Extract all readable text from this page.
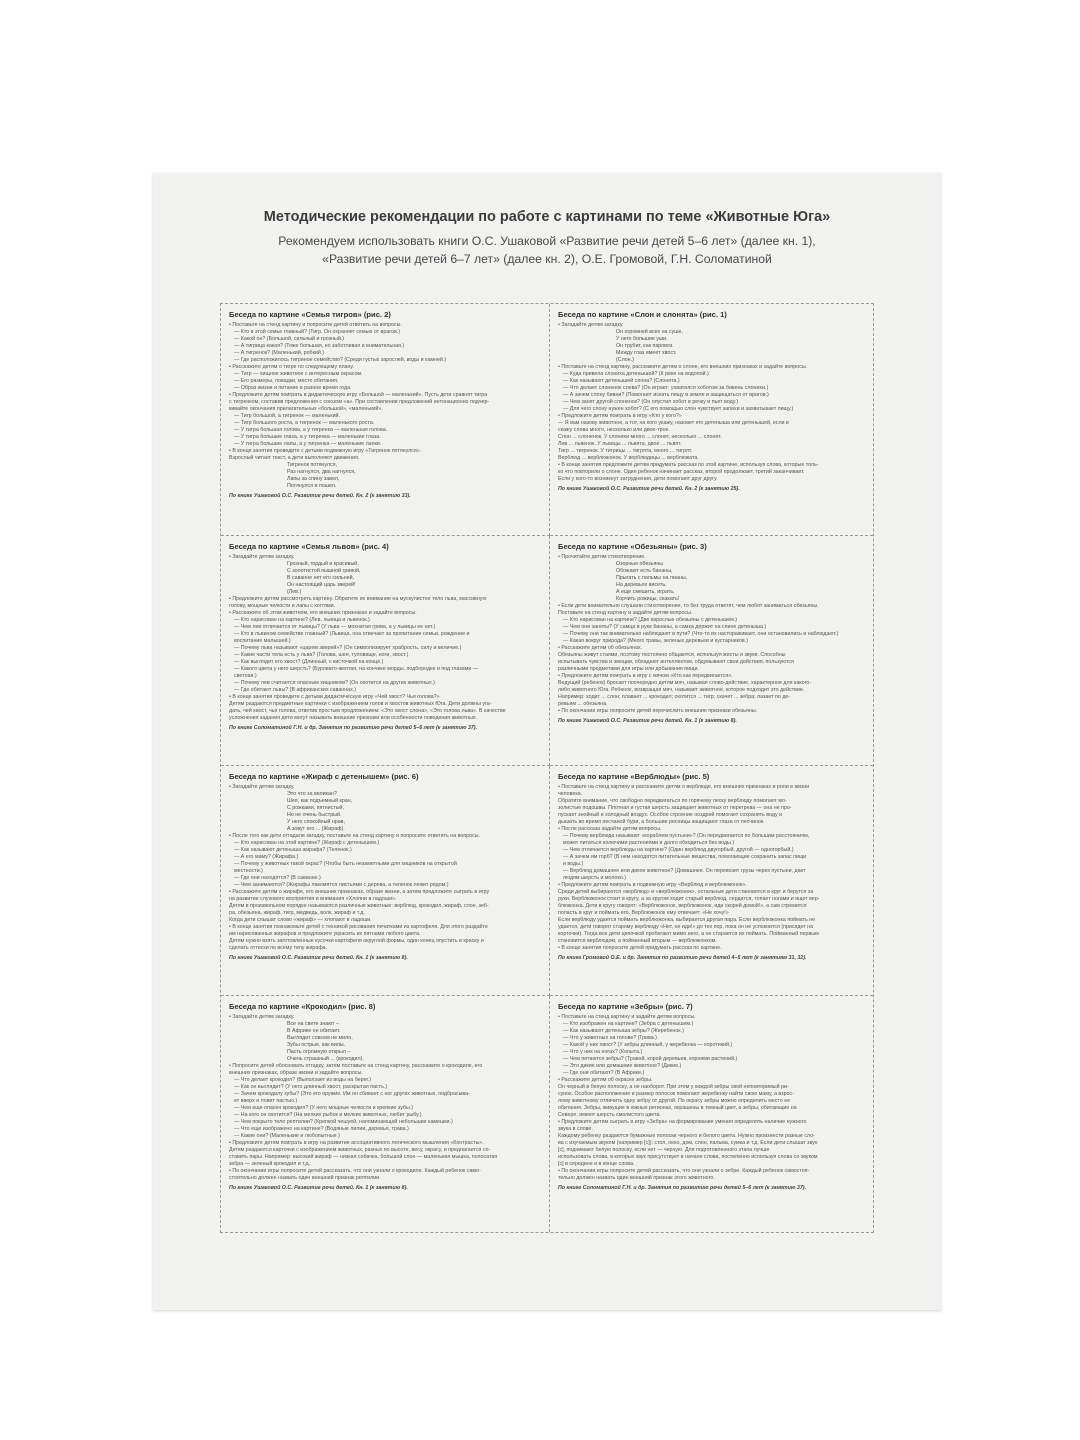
Методические рекомендации по работе с картинами по теме «Животные Юга»
Рекомендуем использовать книги О.С. Ушаковой «Развитие речи детей 5–6 лет» (далее кн. 1),
«Развитие речи детей 6–7 лет» (далее кн. 2), О.Е. Громовой, Г.Н. Соломатиной
Беседа по картине «Семья тигров» (рис. 2)
• Поставьте на стенд картину и попросите детей ответить на вопросы.
— Кто в этой семье главный? (Тигр. Он охраняет семью от врагов.)
— Какой он? (Большой, сильный и грозный.)
— А тигрица какая? (Тоже большая, но заботливая и внимательная.)
— А тигренок? (Маленький, робкий.)
— Где расположилось тигриное семейство? (Среди густых зарослей, воды и камней.)
• Расскажите детям о тигре по следующему плану.
— Тигр — хищное животное с интересным окрасом.
— Его размеры, повадки, место обитания.
— Образ жизни и питание в разное время года.
• Предложите детям поиграть в дидактическую игру «Большой — маленький». Пусть дети сравнят тигра
с тигренком, составив предложения с союзом «а». При составлении предложений интонационно подчер-
кивайте окончания прилагательных «большой», «маленький».
— Тигр большой, а тигренок — маленький.
— Тигр большого роста, а тигренок — маленького роста.
— У тигра большая голова, а у тигренка — маленькая голова.
— У тигра большие глаза, а у тигренка — маленькие глаза.
— У тигра большие лапы, а у тигренка — маленькие лапки.
• В конце занятия проведите с детьми подвижную игру «Тигренок потянулся».
Взрослый читает текст, а дети выполняют движения.
Тигренок потянулся,
Раз нагнулся, два нагнулся,
Лапы за спину завел,
Потянулся и пошел.
По книге Ушаковой О.С. Развитие речи детей. Кн. 2 (к занятию 33).
Беседа по картине «Слон и слонята» (рис. 1)
• Загадайте детям загадку.
Он огромней всех на суше,
У него большие уши.
Он трубит, как паровоз.
Между глаз имеет хвост.
(Слон.)
• Поставьте на стенд картину, расскажите детям о слоне, его внешних признаках и задайте вопросы.
— Куда привела слониха детенышей? (К реке на водопой.)
— Как называют детенышей слона? (Слонята.)
— Что делает слоненок слева? (Он играет: ухватился хоботом за бивень слонихи.)
— А зачем слону бивни? (Помогают искать пищу в земле и защищаться от врагов.)
— Чем занят другой слоненок? (Он опустил хобот в речку и пьет воду.)
— Для чего слону нужен хобот? (С его помощью слон чувствует запахи и захватывает пищу.)
• Предложите детям поиграть в игру «Кто у кого?»
— Я вам назову животное, а тот, на кого укажу, назовет его детеныша или детенышей, если в
скажу слова много, несколько или двое-трое.
Слон ... слоненок. У слонихи много ... слонят, несколько ... слонят.
Лев ... львенок. У львицы ... львята, двое ... львят.
Тигр ... тигренок. У тигрицы ... тигрята, много ... тигрят.
Верблюд ... верблюжонок. У верблюдицы ... верблюжата.
• В конце занятия предложите детям придумать рассказ по этой картине, используя слова, которые толь-
ко что повторили о слоне. Один ребенок начинает рассказ, второй продолжает, третий заканчивает.
Если у кого-то возникнут затруднения, дети помогают друг другу.
По книге Ушаковой О.С. Развитие речи детей. Кн. 2 (к занятию 25).
Беседа по картине «Семья львов» (рис. 4)
• Загадайте детям загадку.
Грозный, гордый и красивый,
С золотистой пышной гривой,
В саванне нет его сильней,
Он настоящий царь зверей!
(Лев.)
• Предложите детям рассмотреть картину. Обратите их внимание на мускулистое тело льва, массивную
голову, мощные челюсти и лапы с когтями.
• Расскажите об этом животном, его внешних признаках и задайте вопросы.
— Кто нарисован на картине? (Лев, львица и львенок.)
— Чем лев отличается от львицы? (У льва — мохнатая грива, а у львицы ее нет.)
— Кто в львином семействе главный? (Львица, она отвечает за пропитание семьи, рождение и
воспитание малышей.)
— Почему льва называют «царем зверей»? (Он символизирует храбрость, силу и величие.)
— Какие части тела есть у льва? (Голова, шея, туловище, ноги, хвост.)
— Как выглядит его хвост? (Длинный, с кисточкой на конце.)
— Какого цвета у него шерсть? (Буровато-желтая, на кончике морды, подбородке и под глазами —
светлая.)
— Почему лев считается опасным хищником? (Он охотится на других животных.)
— Где обитают львы? (В африканских саваннах.)
• В конце занятия проведите с детьми дидактическую игру «Чей хвост? Чья голова?»
Детям раздаются предметные картинки с изображением голов и хвостов животных Юга. Дети должны уга-
дать, чей хвост, чья голова, ответив простым предложением: «Это хвост слона», «Это голова льва». В качестве
усложнения задания дети могут называть внешние признаки или особенности поведения животных.
По книге Соломатиной Г.Н. и др. Занятия по развитию речи детей 5–6 лет (к занятию 37).
Беседа по картине «Обезьяны» (рис. 3)
• Прочитайте детям стихотворение.
Озорные обезьяны
Обожают есть бананы,
Прыгать с пальмы на лианы,
На деревьях висеть.
А еще смешить, играть,
Корчить рожицы, скакать!
• Если дети внимательно слушали стихотворение, то без труда ответят, чем любят заниматься обезьяны.
Поставьте на стенд картину и задайте детям вопросы.
— Кто нарисован на картине? (Две взрослые обезьяны с детенышем.)
— Чем они заняты? (У самца в руке бананы, а самка держит на спине детеныша.)
— Почему они так внимательно наблюдают в пути? (Что-то их настораживает, они остановились и наблюдают.)
— Какая вокруг природа? (Много травы, зеленых деревьев и кустарников.)
• Расскажите детям об обезьянах.
Обезьяны живут стаями, поэтому постоянно общаются, используя жесты и звуки. Способны
испытывать чувства и эмоции, обладают интеллектом, обдумывают свои действия, пользуются
различными предметами для игры или добывания пищи.
• Предложите детям поиграть в игру с мячом «Кто как передвигается».
Ведущий (ребенок) бросает поочередно детям мяч, называя слово-действие, характерное для какого-
либо животного Юга. Ребенок, возвращая мяч, называет животное, которое подходит это действие.
Например: ходит ... слон; плавает ... крокодил; охотится ... тигр; скачет ... зебра; лазает по де-
ревьям ... обезьяна.
• По окончании игры попросите детей перечислить внешние признаки обезьяны.
По книге Ушаковой О.С. Развитие речи детей. Кн. 1 (к занятию 8).
Беседа по картине «Жираф с детенышем» (рис. 6)
• Загадайте детям загадку.
Это что за великан?
Шея, как подъемный кран,
С рожками, пятнистый,
Но не очень быстрый.
У него спокойный нрав,
А зовут его ... (Жираф).
• После того как дети отгадали загадку, поставьте на стенд картину и попросите ответить на вопросы.
— Кто нарисован на этой картине? (Жираф с детенышем.)
— Как называют детеныша жирафа? (Теленок.)
— А его маму? (Жирафа.)
— Почему у животных такой окрас? (Чтобы быть незаметными для хищников на открытой
местности.)
— Где они находятся? (В саванне.)
— Чем занимаются? (Жирафы лакомятся листьями с дерева, а теленок лежит рядом.)
• Расскажите детям о жирафе, его внешних признаках, образе жизни, а затем предложите сыграть в игру
на развитие слухового восприятия и внимания «Хлопни в ладоши».
Детям в произвольном порядке называются различные животные: верблюд, крокодил, жираф, слон, зеб-
ра, обезьяна, жираф, тигр, медведь, волк, жираф и т.д.
Когда дети слышат слово «жираф» — хлопают в ладоши.
• В конце занятия познакомьте детей с техникой рисования печатками из картофеля. Для этого раздайте
им нарисованных жирафов и предложите украсить их пятнами любого цвета.
Детям нужно взять заготовленные кусочки картофеля округлой формы, один конец опустить в краску и
сделать оттиски по всему телу жирафа.
По книге Ушаковой О.С. Развитие речи детей. Кн. 1 (к занятию 8).
Беседа по картине «Верблюды» (рис. 5)
• Поставьте на стенд картину и расскажите детям о верблюде, его внешних признаках и роли в жизни
человека.
Обратите внимание, что свободно передвигаться по горячему песку верблюду помогают мо-
золистые подошвы. Плотная и густая шерсть защищает животных от перегрева — она не про-
пускает знойный и холодный воздух. Особое строение ноздрей помогает сохранять воду и
дышать во время песчаной бури, а большие ресницы защищают глаза от песчинок.
• После рассказа задайте детям вопросы.
— Почему верблюда называют «кораблем пустыни»? (Он передвигается по большим расстояниям,
может питаться колючими растениями и долго обходиться без воды.)
— Чем отличается верблюды на картине? (Один верблюд двугорбый, другой — одногорбый.)
— А зачем им горб? (В нем находятся питательные вещества, помогающие сохранить запас пищи
и воды.)
— Верблюд домашнее или дикое животное? (Домашнее. Он перевозит грузы через пустыни, дает
людям шерсть и молоко.)
• Предложите детям поиграть в подвижную игру «Верблюд и верблюжонок».
Среди детей выбираются «верблюд» и «верблюжонок», остальные дети становятся в круг и берутся за
руки. Верблюжонок стоит в кругу, а за кругом ходит старый верблюд, сердится, топает ногами и ищет вер-
блюжонка. Дети в кругу говорят: «Верблюжонок, верблюжонок, иди скорей домой!», а сам стремится
попасть в круг и поймать его. Верблюжонок ему отвечает: «Не хочу!»
Если верблюду удается поймать верблюжонка, выбирается другая пара. Если верблюжонка поймать не
удается, дети говорят старому верблюду «Нет, не иди!» до тех пор, пока он не успокоится (присядет на
корточки). Тогда все дети цепочкой пробегают мимо него, а он старается их поймать. Пойманный первым
становится верблюдом, а пойманный вторым — верблюжонком.
• В конце занятия попросите детей придумать рассказ по картине.
По книге Громовой О.Е. и др. Занятия по развитию речи детей 4–5 лет (к занятиям 31, 32).
Беседа по картине «Крокодил» (рис. 8)
• Загадайте детям загадку.
Все на свете знают –
В Африке он обитает.
Выглядит совсем не мило,
Зубы острые, как вилы.
Пасть огромную открыл –
Очень страшный ... (крокодил).
• Попросите детей обосновать отгадку, затем поставьте на стенд картину, расскажите о крокодиле, его
внешних признаках, образе жизни и задайте вопросы.
— Что делает крокодил? (Выползает из воды на берег.)
— Как он выглядит? (У него длинный хвост, раскрытая пасть.)
— Зачем крокодилу зубы? (Это его оружие. Им он сбивает с ног других животных, подбрасыва-
ет вверх и ловит пастью.)
— Чем еще опасен крокодил? (У него мощные челюсти и крепкие зубы.)
— На кого он охотится? (На мелких рыбок и мелких животных, любит рыбу.)
— Чем покрыто тело рептилии? (Крепкой чешуей, напоминающей небольшие камешки.)
— Что еще изображено на картине? (Водяные лилии, деревья, трава.)
— Какие они? (Маленькие и любопытные.)
• Предложите детям поиграть в игру на развитие ассоциативного логического мышления «Контрасты».
Детям раздаются карточки с изображением животных, разных по высоте, весу, окрасу, и предлагается со-
ставить пары. Например: высокий жираф — низкая собачка, большой слон — маленькая мышка, полосатая
зебра — зеленый крокодил и т.д.
• По окончании игры попросите детей рассказать, что они узнали о крокодиле. Каждый ребенок само-
стоятельно должен назвать один внешний признак рептилии.
По книге Ушаковой О.С. Развитие речи детей. Кн. 1 (к занятию 8).
Беседа по картине «Зебры» (рис. 7)
• Поставьте на стенд картину и задайте детям вопросы.
— Кто изображен на картине? (Зебра с детенышем.)
— Как называют детеныша зебры? (Жеребенок.)
— Что у животных на голове? (Грива.)
— Какой у них хвост? (У зебры длинный, у жеребенка — коротикий.)
— Что у них на ногах? (Копыта.)
— Чем питаются зебры? (Травой, корой деревьев, корнями растений.)
— Это дикие или домашние животное? (Дикие.)
— Где они обитают? (В Африке.)
• Расскажите детям об окраске зебры.
Он черный в белую полоску, а не наоборот. При этом у каждой зебры свой неповторимый ри-
сунок. Особое расположение и размер полосок помогают жеребенку найти свою маму, а взрос-
лому животному отличить одну зебру от другой. По окрасу зебры можно определить место ее
обитания. Зебры, живущие в южных регионах, окрашены в темный цвет, а зебры, обитающие на
Севере, имеют шерсть смолистого цвета.
• Предложите детям сыграть в игру «Зебра» на формирование умения определять наличие нужного
звука в слове.
Каждому ребенку раздаются бумажные полоски черного и белого цвета. Нужно произнести разные сло-
ва с изучаемым звуком (например [с]): стол, окно, дом, слон, пальма, сумка и т.д. Если дети слышат звук
[с], поднимают белую полоску, если нет — черную. Для подготовленного этапа лучше
использовать слова, в которых звук присутствует в начале слова, постепенно используя слова со звуком
[с] в середине и в конце слова.
• По окончании игры попросите детей рассказать, что они узнали о зебре. Каждый ребенок самостоя-
тельно должен назвать один внешний признак этого животного.
По книге Соломатиной Г.Н. и др. Занятия по развитию речи детей 5–6 лет (к занятию 37).
